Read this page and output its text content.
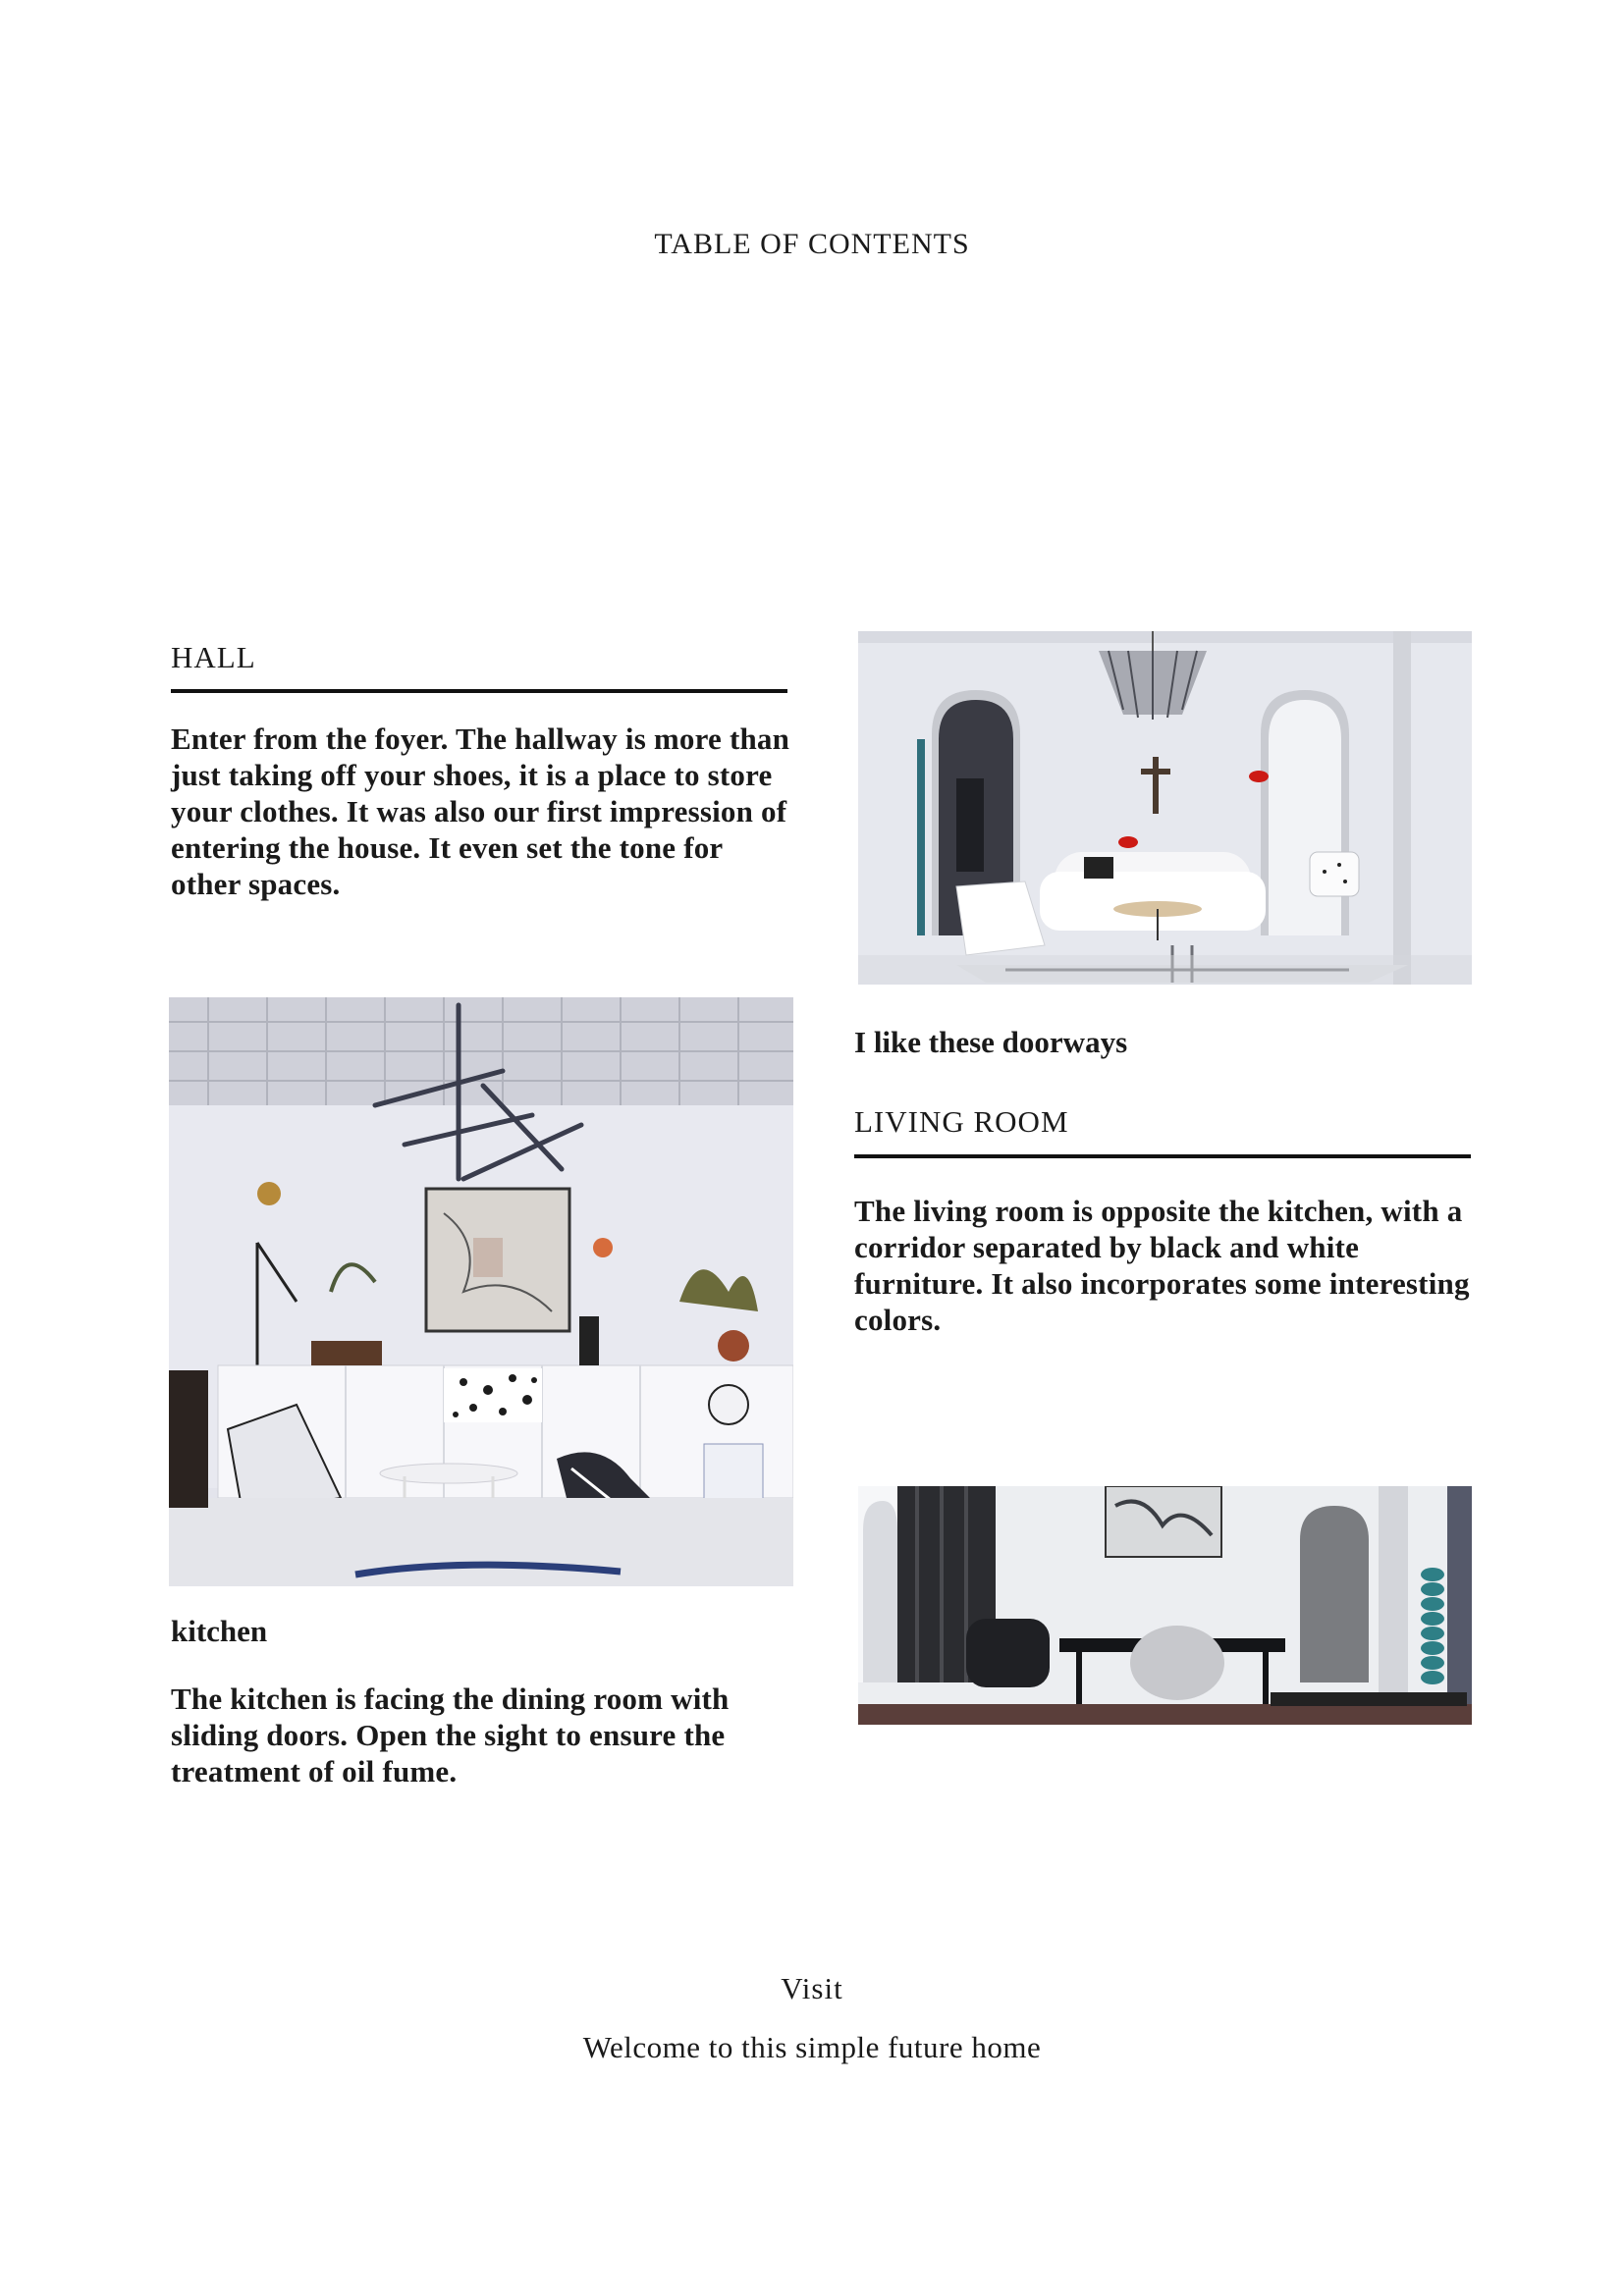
TABLE OF CONTENTS
HALL
Enter from the foyer. The hallway is more than just taking off your shoes, it is a place to store your clothes. It was also our first impression of entering the house. It even set the tone for other spaces.
I like these doorways
LIVING ROOM
The living room is opposite the kitchen, with a corridor separated by black and white furniture. It also incorporates some interesting colors.
kitchen
The kitchen is facing the dining room with sliding doors. Open the sight to ensure the treatment of oil fume.
Visit
Welcome to this simple future home
